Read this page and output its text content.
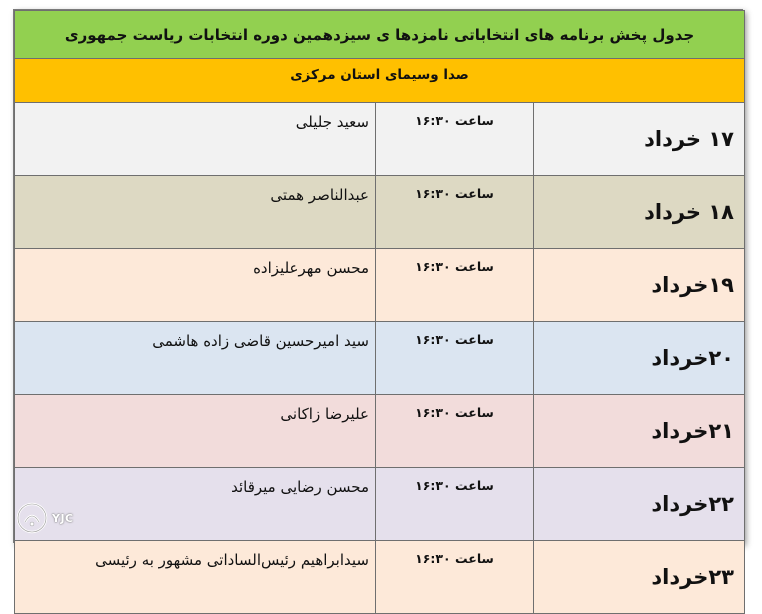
جدول پخش برنامه های انتخاباتی نامزدها ی سیزدهمین دوره انتخابات ریاست جمهوری		
صدا وسیمای استان مرکزی		
سعید جلیلی	ساعت ۱۶:۳۰	۱۷ خرداد
عبدالناصر همتی	ساعت ۱۶:۳۰	۱۸ خرداد
محسن مهرعلیزاده	ساعت ۱۶:۳۰	۱۹خرداد
سید امیرحسین قاضی زاده هاشمی	ساعت ۱۶:۳۰	۲۰خرداد
علیرضا زاکانی	ساعت ۱۶:۳۰	۲۱خرداد
محسن رضایی میرقائد	ساعت ۱۶:۳۰	۲۲خرداد
سیدابراهیم رئیس‌الساداتی مشهور به رئیسی	ساعت ۱۶:۳۰	۲۳خرداد
YJC
